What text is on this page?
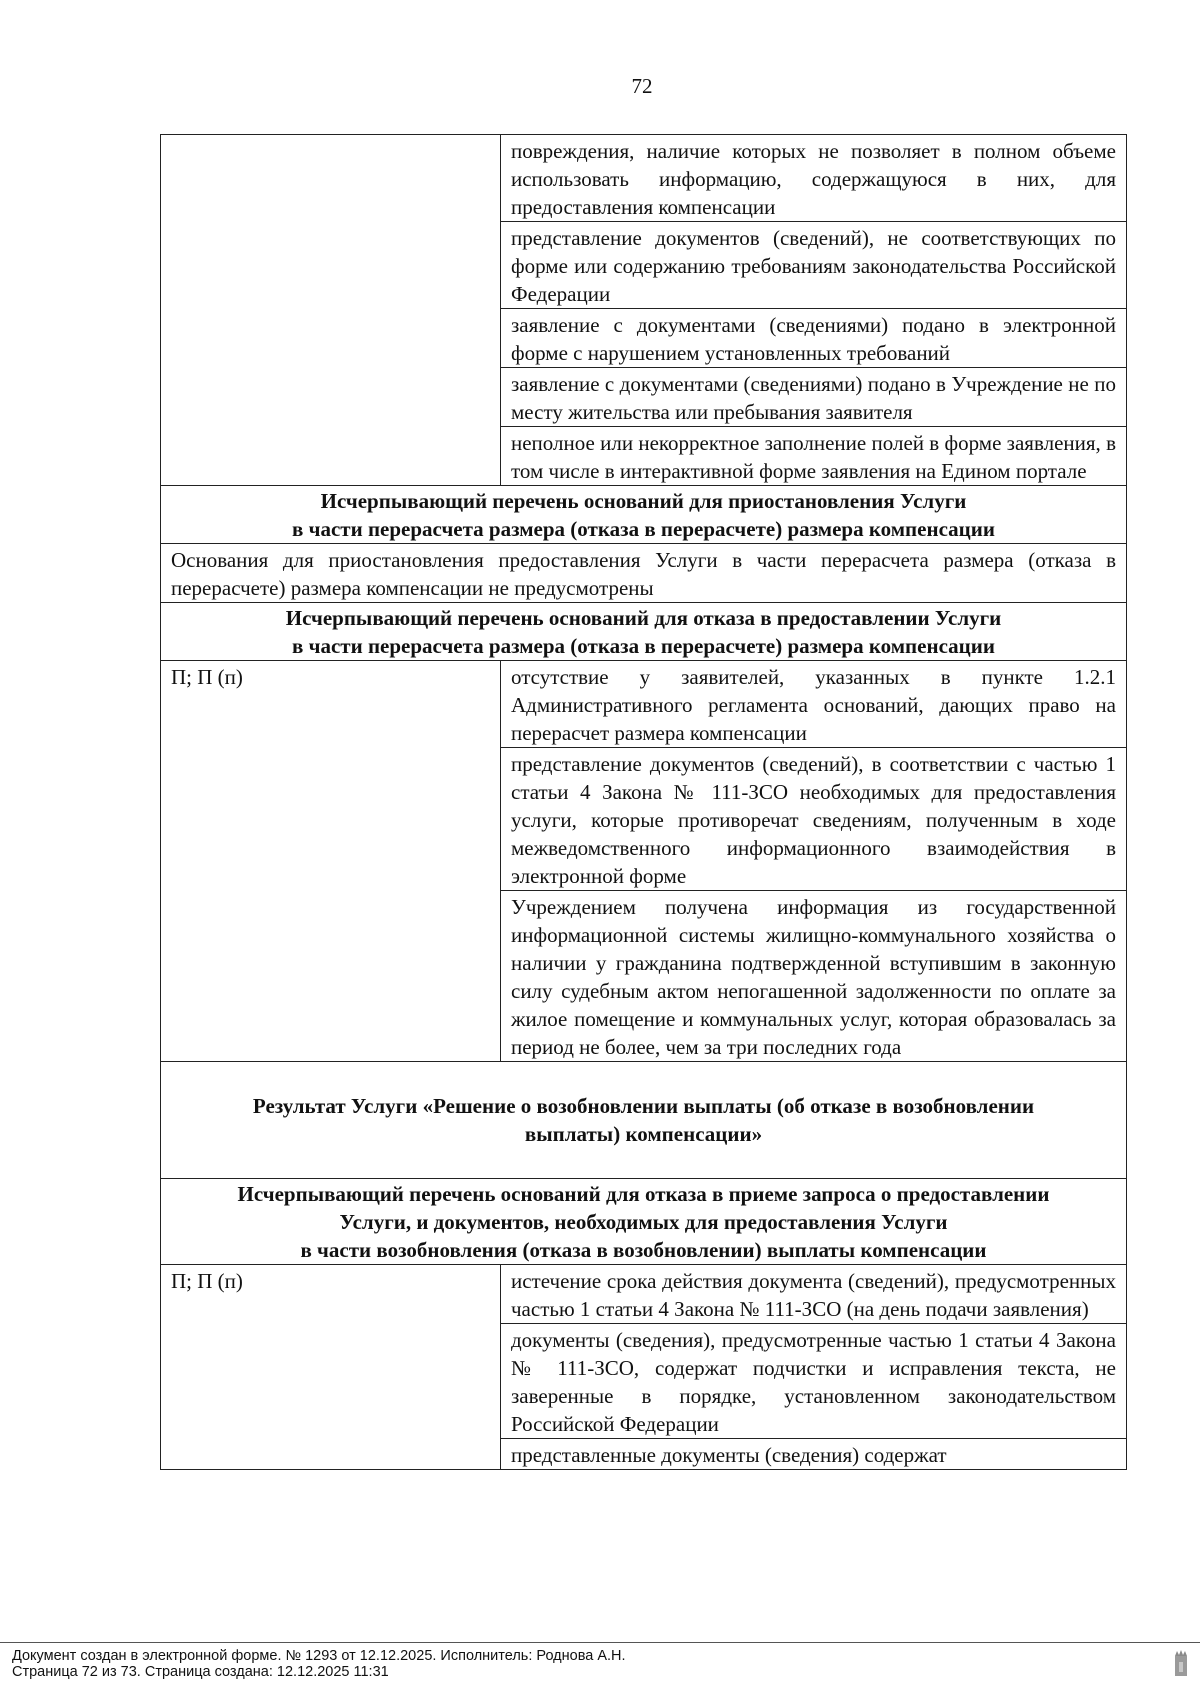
72
	повреждения, наличие которых не позволяет в полном объеме использовать информацию, содержащуюся в них, для предоставления компенсации
	представление документов (сведений), не соответствующих по форме или содержанию требованиям законодательства Российской Федерации
	заявление с документами (сведениями) подано в электронной форме с нарушением установленных требований
	заявление с документами (сведениями) подано в Учреждение не по месту жительства или пребывания заявителя
	неполное или некорректное заполнение полей в форме заявления, в том числе в интерактивной форме заявления на Едином портале

Исчерпывающий перечень оснований для приостановления Услуги
в части перерасчета размера (отказа в перерасчете) размера компенсации	

Основания для приостановления предоставления Услуги в части перерасчета размера (отказа в перерасчете) размера компенсации не предусмотрены	

Исчерпывающий перечень оснований для отказа в предоставлении Услуги
в части перерасчета размера (отказа в перерасчете) размера компенсации	

П; П (п)	отсутствие у заявителей, указанных в пункте 1.2.1 Административного регламента оснований, дающих право на перерасчет размера компенсации
	представление документов (сведений), в соответствии с частью 1 статьи 4 Закона № 111-ЗСО необходимых для предоставления услуги, которые противоречат сведениям, полученным в ходе межведомственного информационного взаимодействия в электронной форме
	Учреждением получена информация из государственной информационной системы жилищно-коммунального хозяйства о наличии у гражданина подтвержденной вступившим в законную силу судебным актом непогашенной задолженности по оплате за жилое помещение и коммунальных услуг, которая образовалась за период не более, чем за три последних года

Результат Услуги «Решение о возобновлении выплаты (об отказе в возобновлении
выплаты) компенсации»	

Исчерпывающий перечень оснований для отказа в приеме запроса о предоставлении
Услуги, и документов, необходимых для предоставления Услуги
в части возобновления (отказа в возобновлении) выплаты компенсации	

П; П (п)	истечение срока действия документа (сведений), предусмотренных частью 1 статьи 4 Закона № 111-ЗСО (на день подачи заявления)
	документы (сведения), предусмотренные частью 1 статьи 4 Закона № 111-ЗСО, содержат подчистки и исправления текста, не заверенные в порядке, установленном законодательством Российской Федерации
	представленные документы (сведения) содержат
Документ создан в электронной форме. № 1293 от 12.12.2025. Исполнитель: Роднова А.Н.
Страница 72 из 73. Страница создана: 12.12.2025 11:31
